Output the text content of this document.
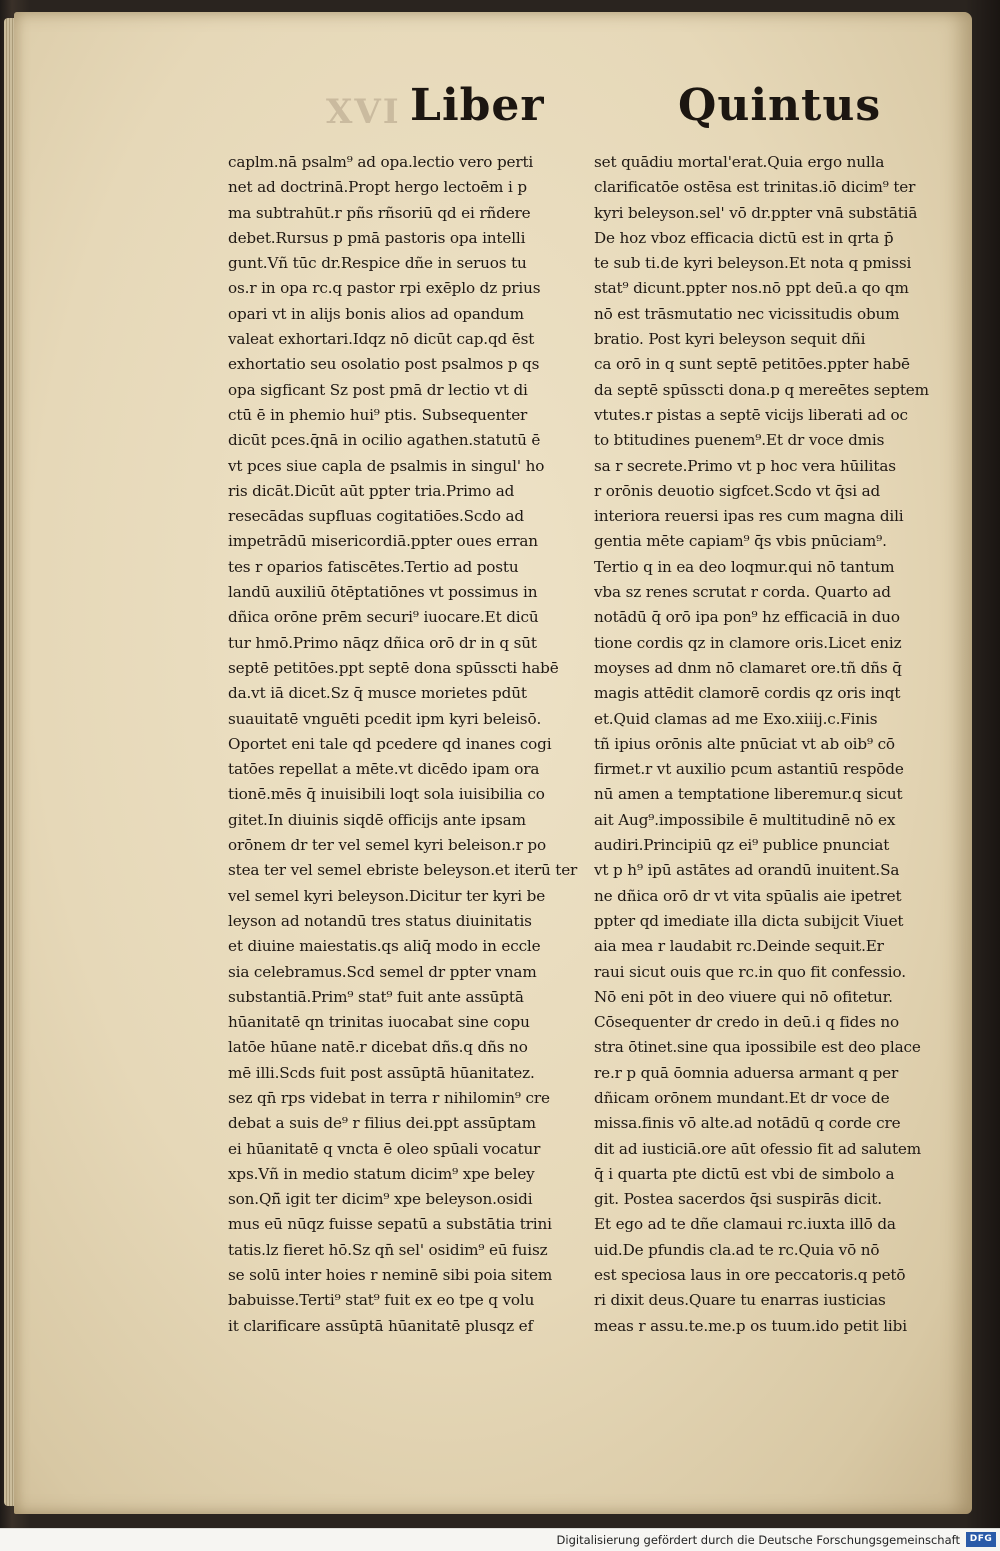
XVI Liber	Quintus
caplm.nā psalm⁹ ad opa.lectio vero perti
net ad doctrinā.Propt hergo lectoēm i p
ma subtrahūt.r pñs rñsoriū qd ei rñdere
debet.Rursus p pmā pastoris opa intelli
gunt.Vñ tūc dr.Respice dñe in seruos tu
os.r in opa rc.q pastor rpi exēplo dz prius
opari vt in alijs bonis alios ad opandum
valeat exhortari.Idqz nō dicūt cap.qd ēst
exhortatio seu osolatio post psalmos p qs
opa sigficant Sz post pmā dr lectio vt di
ctū ē in phemio hui⁹ ptis. Subsequenter
dicūt pces.q̄nā in ocilio agathen.statutū ē
vt pces siue capla de psalmis in singul' ho
ris dicāt.Dicūt aūt ppter tria.Primo ad
resecādas supfluas cogitatiōes.Scdo ad
impetrādū misericordiā.ppter oues erran
tes r oparios fatiscētes.Tertio ad postu
landū auxiliū ōtēptatiōnes vt possimus in
dñica orōne prēm securi⁹ iuocare.Et dicū
tur hmō.Primo nāqz dñica orō dr in q sūt
septē petitōes.ppt septē dona spūsscti habē
da.vt iā dicet.Sz q̄ musce morietes pdūt
suauitatē vnguēti pcedit ipm kyri beleisō.
Oportet eni tale qd pcedere qd inanes cogi
tatōes repellat a mēte.vt dicēdo ipam ora
tionē.mēs q̄ inuisibili loqt sola iuisibilia co
gitet.In diuinis siqdē officijs ante ipsam
orōnem dr ter vel semel kyri beleison.r po
stea ter vel semel ebriste beleyson.et iterū ter
vel semel kyri beleyson.Dicitur ter kyri be
leyson ad notandū tres status diuinitatis
et diuine maiestatis.qs aliq̄ modo in eccle
sia celebramus.Scd semel dr ppter vnam
substantiā.Prim⁹ stat⁹ fuit ante assūptā
hūanitatē qn trinitas iuocabat sine copu
latōe hūane natē.r dicebat dñs.q dñs no
mē illi.Scds fuit post assūptā hūanitatez.
sez qn̄ rps videbat in terra r nihilomin⁹ cre
debat a suis de⁹ r filius dei.ppt assūptam
ei hūanitatē q vncta ē oleo spūali vocatur
xps.Vñ in medio statum dicim⁹ xpe beley
son.Qñ̄ igit ter dicim⁹ xpe beleyson.osidi
mus eū nūqz fuisse sepatū a substātia trini
tatis.lz fieret hō.Sz qn̄ sel' osidim⁹ eū fuisz
se solū inter hoies r neminē sibi poia sitem
babuisse.Terti⁹ stat⁹ fuit ex eo tpe q volu
it clarificare assūptā hūanitatē plusqz ef
set quādiu mortal'erat.Quia ergo nulla
clarificatōe ostēsa est trinitas.iō dicim⁹ ter
kyri beleyson.sel' vō dr.ppter vnā substātiā
De hoz vboz efficacia dictū est in qrta p̄
te sub ti.de kyri beleyson.Et nota q pmissi
stat⁹ dicunt.ppter nos.nō ppt deū.a qo qm
nō est trāsmutatio nec vicissitudis obum
bratio. Post kyri beleyson sequit dñi
ca orō in q sunt septē petitōes.ppter habē
da septē spūsscti dona.p q mereētes septem
vtutes.r pistas a septē vicijs liberati ad oc
to btitudines puenem⁹.Et dr voce dmis
sa r secrete.Primo vt p hoc vera hūilitas
r orōnis deuotio sigfcet.Scdo vt q̄si ad
interiora reuersi ipas res cum magna dili
gentia mēte capiam⁹ q̄s vbis pnūciam⁹.
Tertio q in ea deo loqmur.qui nō tantum
vba sz renes scrutat r corda. Quarto ad
notādū q̄ orō ipa pon⁹ hz efficaciā in duo
tione cordis qz in clamore oris.Licet eniz
moyses ad dnm nō clamaret ore.tñ dñs q̄
magis attēdit clamorē cordis qz oris inqt
et.Quid clamas ad me Exo.xiiij.c.Finis
tñ ipius orōnis alte pnūciat vt ab oib⁹ cō
firmet.r vt auxilio pcum astantiū respōde
nū amen a temptatione liberemur.q sicut
ait Aug⁹.impossibile ē multitudinē nō ex
audiri.Principiū qz ei⁹ publice pnunciat
vt p h⁹ ipū astātes ad orandū inuitent.Sa
ne dñica orō dr vt vita spūalis aie ipetret
ppter qd imediate illa dicta subijcit Viuet
aia mea r laudabit rc.Deinde sequit.Er
raui sicut ouis que rc.in quo fit confessio.
Nō eni pōt in deo viuere qui nō ofitetur.
Cōsequenter dr credo in deū.i q fides no
stra ōtinet.sine qua ipossibile est deo place
re.r p quā ōomnia aduersa armant q per
dñicam orōnem mundant.Et dr voce de
missa.finis vō alte.ad notādū q corde cre
dit ad iusticiā.ore aūt ofessio fit ad salutem
q̄ i quarta pte dictū est vbi de simbolo a
git. Postea sacerdos q̄si suspirās dicit.
Et ego ad te dñe clamaui rc.iuxta illō da
uid.De pfundis cla.ad te rc.Quia vō nō
est speciosa laus in ore peccatoris.q petō
ri dixit deus.Quare tu enarras iusticias
meas r assu.te.me.p os tuum.ido petit libi
Digitalisierung gefördert durch die Deutsche Forschungsgemeinschaft	DFG
